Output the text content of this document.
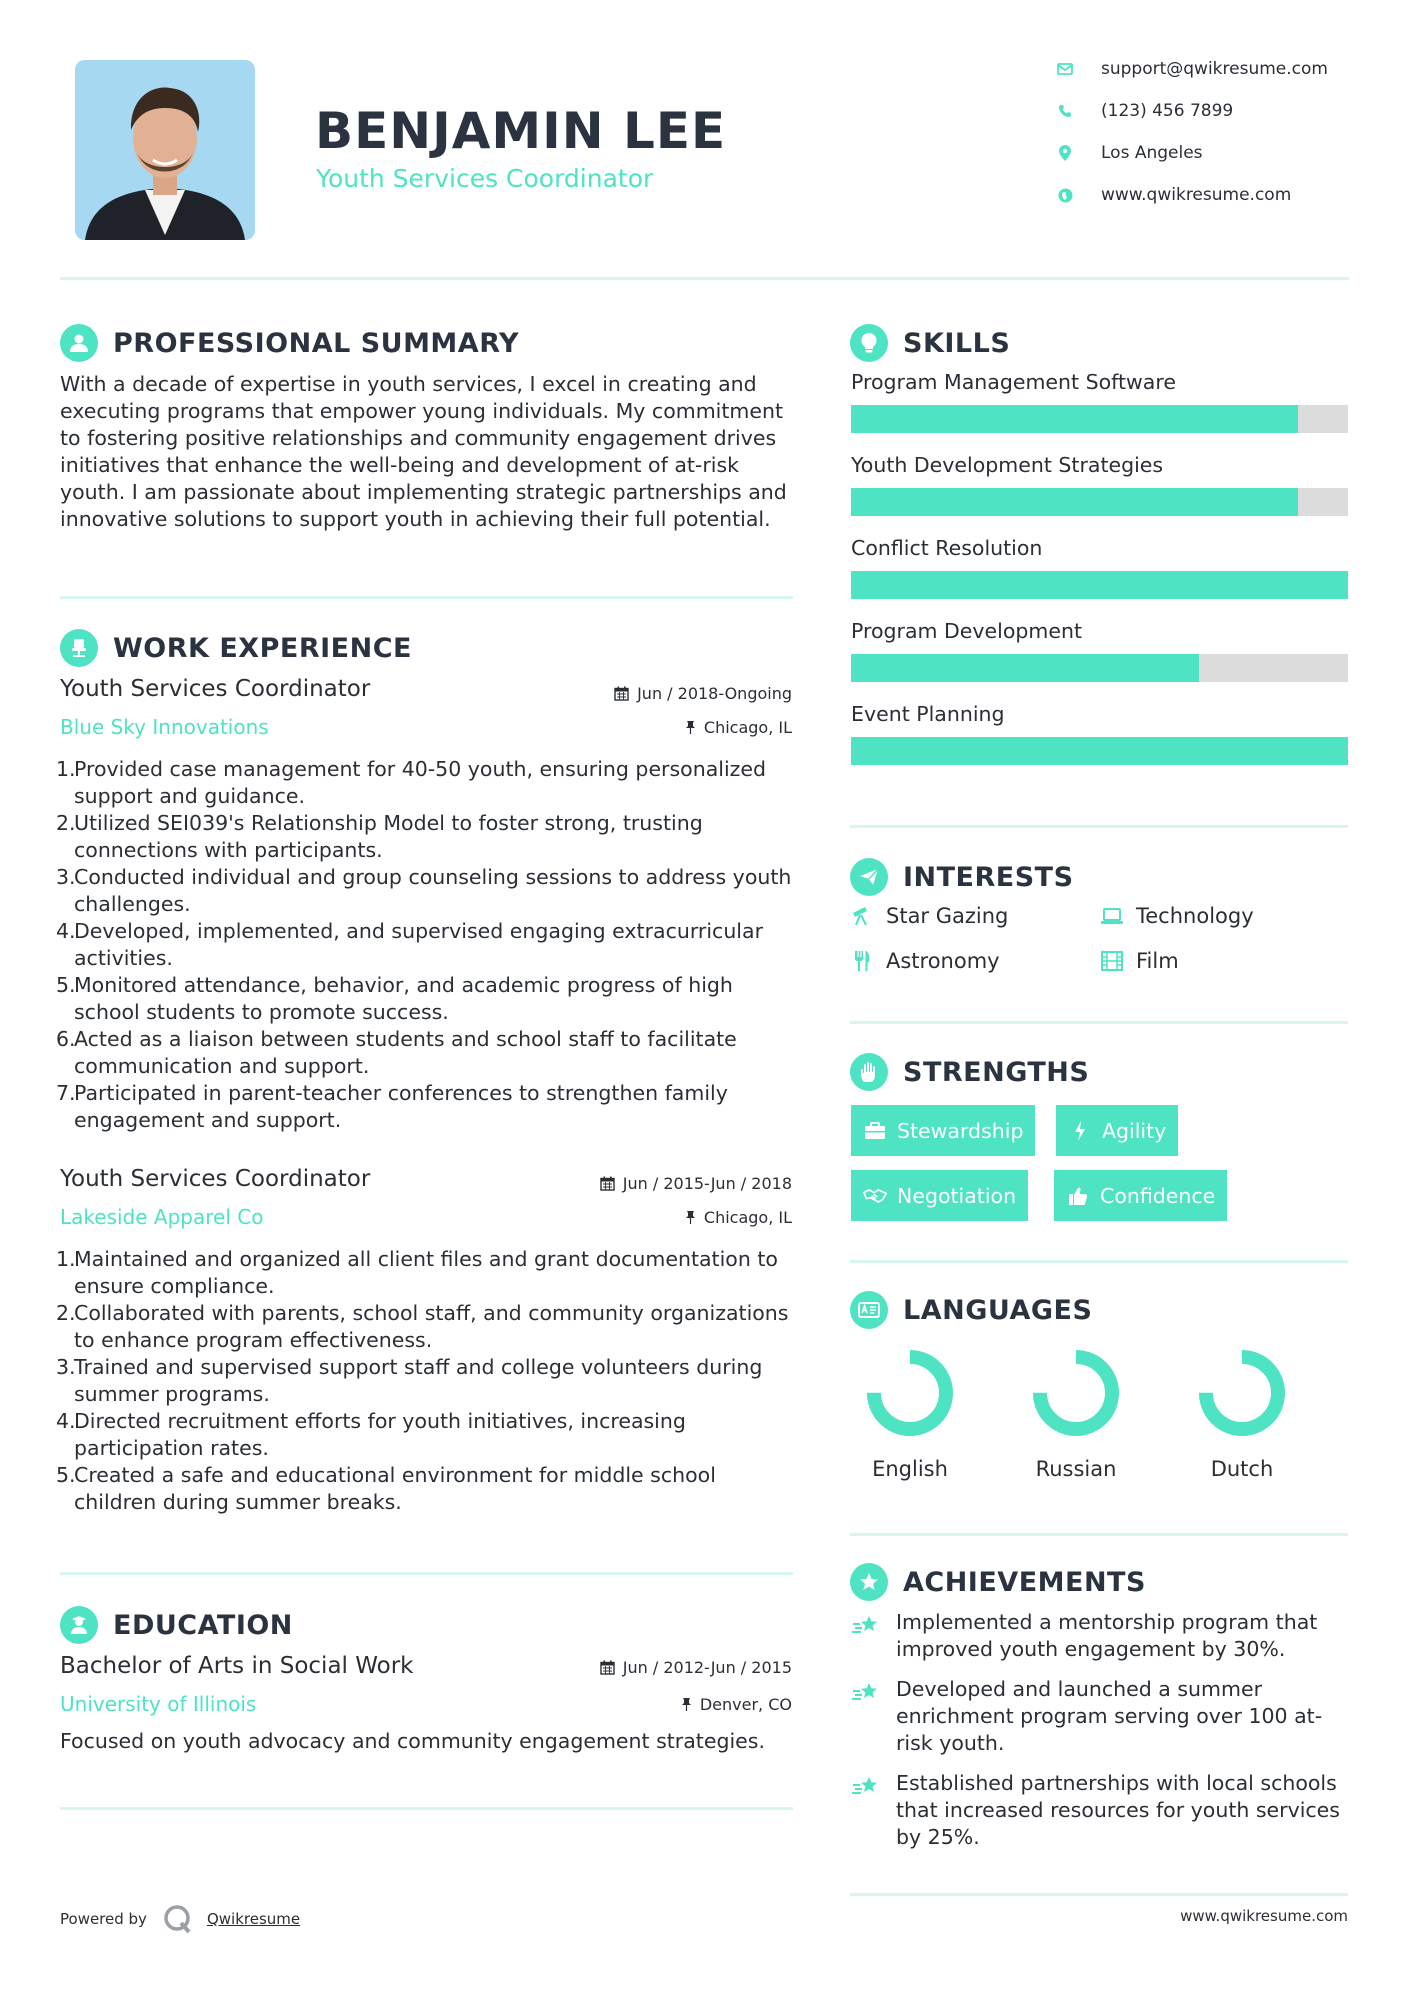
BENJAMIN LEE
Youth Services Coordinator
support@qwikresume.com
(123) 456 7899
Los Angeles
www.qwikresume.com
PROFESSIONAL SUMMARY
With a decade of expertise in youth services, I excel in creating and executing programs that empower young individuals. My commitment to fostering positive relationships and community engagement drives initiatives that enhance the well-being and development of at-risk youth. I am passionate about implementing strategic partnerships and innovative solutions to support youth in achieving their full potential.
WORK EXPERIENCE
Youth Services Coordinator	Jun / 2018-Ongoing
Blue Sky Innovations	Chicago, IL
1.
Provided case management for 40-50 youth, ensuring personalized support and guidance.
2.
Utilized SEI039's Relationship Model to foster strong, trusting connections with participants.
3.
Conducted individual and group counseling sessions to address youth challenges.
4.
Developed, implemented, and supervised engaging extracurricular activities.
5.
Monitored attendance, behavior, and academic progress of high school students to promote success.
6.
Acted as a liaison between students and school staff to facilitate communication and support.
7.
Participated in parent-teacher conferences to strengthen family engagement and support.
Youth Services Coordinator	Jun / 2015-Jun / 2018
Lakeside Apparel Co	Chicago, IL
1.
Maintained and organized all client files and grant documentation to ensure compliance.
2.
Collaborated with parents, school staff, and community organizations to enhance program effectiveness.
3.
Trained and supervised support staff and college volunteers during summer programs.
4.
Directed recruitment efforts for youth initiatives, increasing participation rates.
5.
Created a safe and educational environment for middle school children during summer breaks.
EDUCATION
Bachelor of Arts in Social Work	Jun / 2012-Jun / 2015
University of Illinois	Denver, CO
Focused on youth advocacy and community engagement strategies.
SKILLS
Program Management Software
Youth Development Strategies
Conflict Resolution
Program Development
Event Planning
INTERESTS
Star Gazing	Technology
Astronomy	Film
STRENGTHS
Stewardship	Agility
Negotiation	Confidence
LANGUAGES
English	Russian	Dutch
ACHIEVEMENTS
Implemented a mentorship program that improved youth engagement by 30%.
Developed and launched a summer enrichment program serving over 100 at-risk youth.
Established partnerships with local schools that increased resources for youth services by 25%.
Powered by	Qwikresume	www.qwikresume.com
